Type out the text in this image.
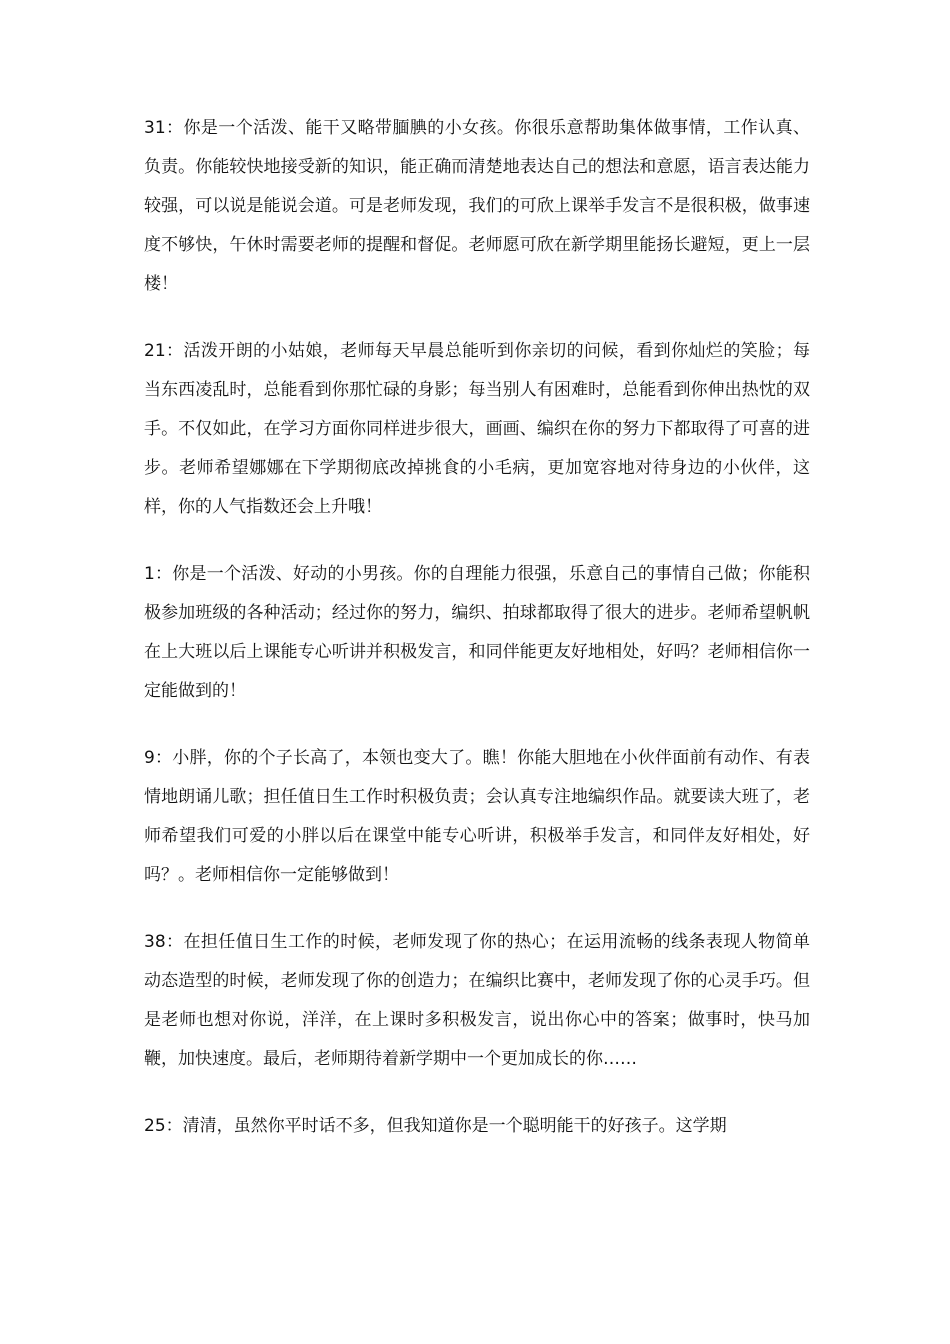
31：你是一个活泼、能干又略带腼腆的小女孩。你很乐意帮助集体做事情，工作认真、负责。你能较快地接受新的知识，能正确而清楚地表达自己的想法和意愿，语言表达能力较强，可以说是能说会道。可是老师发现，我们的可欣上课举手发言不是很积极，做事速度不够快，午休时需要老师的提醒和督促。老师愿可欣在新学期里能扬长避短，更上一层楼！

21：活泼开朗的小姑娘，老师每天早晨总能听到你亲切的问候，看到你灿烂的笑脸；每当东西凌乱时，总能看到你那忙碌的身影；每当别人有困难时，总能看到你伸出热忱的双手。不仅如此，在学习方面你同样进步很大，画画、编织在你的努力下都取得了可喜的进步。老师希望娜娜在下学期彻底改掉挑食的小毛病，更加宽容地对待身边的小伙伴，这样，你的人气指数还会上升哦！

1：你是一个活泼、好动的小男孩。你的自理能力很强，乐意自己的事情自己做；你能积极参加班级的各种活动；经过你的努力，编织、拍球都取得了很大的进步。老师希望帆帆在上大班以后上课能专心听讲并积极发言，和同伴能更友好地相处，好吗？老师相信你一定能做到的！

9：小胖，你的个子长高了，本领也变大了。瞧！你能大胆地在小伙伴面前有动作、有表情地朗诵儿歌；担任值日生工作时积极负责；会认真专注地编织作品。就要读大班了，老师希望我们可爱的小胖以后在课堂中能专心听讲，积极举手发言，和同伴友好相处，好吗？。老师相信你一定能够做到！

38：在担任值日生工作的时候，老师发现了你的热心；在运用流畅的线条表现人物简单动态造型的时候，老师发现了你的创造力；在编织比赛中，老师发现了你的心灵手巧。但是老师也想对你说，洋洋，在上课时多积极发言，说出你心中的答案；做事时，快马加鞭，加快速度。最后，老师期待着新学期中一个更加成长的你……

25：清清，虽然你平时话不多，但我知道你是一个聪明能干的好孩子。这学期
